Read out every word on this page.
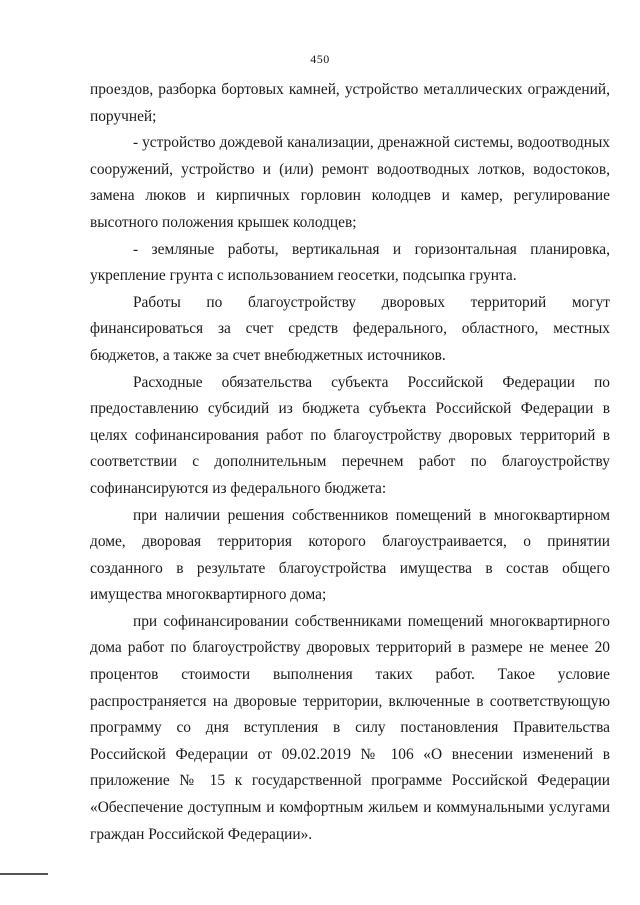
450

проездов, разборка бортовых камней, устройство металлических ограждений, поручней;

- устройство дождевой канализации, дренажной системы, водоотводных сооружений, устройство и (или) ремонт водоотводных лотков, водостоков, замена люков и кирпичных горловин колодцев и камер, регулирование высотного положения крышек колодцев;

- земляные работы, вертикальная и горизонтальная планировка, укрепление грунта с использованием геосетки, подсыпка грунта.

Работы по благоустройству дворовых территорий могут финансироваться за счет средств федерального, областного, местных бюджетов, а также за счет внебюджетных источников.

Расходные обязательства субъекта Российской Федерации по предоставлению субсидий из бюджета субъекта Российской Федерации в целях софинансирования работ по благоустройству дворовых территорий в соответствии с дополнительным перечнем работ по благоустройству софинансируются из федерального бюджета:

при наличии решения собственников помещений в многоквартирном доме, дворовая территория которого благоустраивается, о принятии созданного в результате благоустройства имущества в состав общего имущества многоквартирного дома;

при софинансировании собственниками помещений многоквартирного дома работ по благоустройству дворовых территорий в размере не менее 20 процентов стоимости выполнения таких работ. Такое условие распространяется на дворовые территории, включенные в соответствующую программу со дня вступления в силу постановления Правительства Российской Федерации от 09.02.2019 № 106 «О внесении изменений в приложение № 15 к государственной программе Российской Федерации «Обеспечение доступным и комфортным жильем и коммунальными услугами граждан Российской Федерации».
